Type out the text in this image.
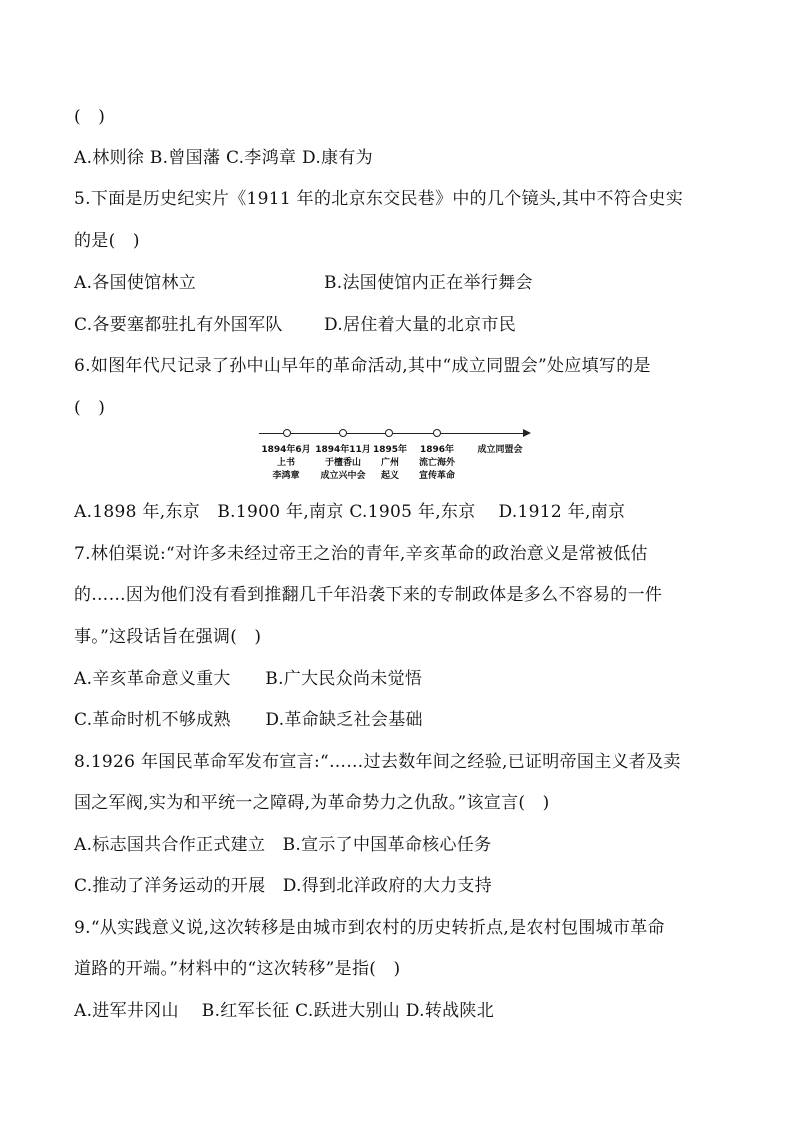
(　)
A.林则徐 B.曾国藩 C.李鸿章 D.康有为
5.下面是历史纪实片《1911 年的北京东交民巷》中的几个镜头,其中不符合史实
的是(　)
A.各国使馆林立	B.法国使馆内正在举行舞会
C.各要塞都驻扎有外国军队 D.居住着大量的北京市民
6.如图年代尺记录了孙中山早年的革命活动,其中“成立同盟会”处应填写的是
(　)
1894年6月
上书
李鸿章
1894年11月
于檀香山
成立兴中会
1895年
广州
起义
1896年
流亡海外
宣传革命
成立同盟会
A.1898 年,东京　B.1900 年,南京 C.1905 年,东京　 D.1912 年,南京
7.林伯渠说:“对许多未经过帝王之治的青年,辛亥革命的政治意义是常被低估
的……因为他们没有看到推翻几千年沿袭下来的专制政体是多么不容易的一件
事。”这段话旨在强调(　)
A.辛亥革命意义重大　　B.广大民众尚未觉悟
C.革命时机不够成熟　　D.革命缺乏社会基础
8.1926 年国民革命军发布宣言:“……过去数年间之经验,已证明帝国主义者及卖
国之军阀,实为和平统一之障碍,为革命势力之仇敌。”该宣言(　)
A.标志国共合作正式建立　B.宣示了中国革命核心任务
C.推动了洋务运动的开展　D.得到北洋政府的大力支持
9.“从实践意义说,这次转移是由城市到农村的历史转折点,是农村包围城市革命
道路的开端。”材料中的“这次转移”是指(　)
A.进军井冈山　 B.红军长征 C.跃进大别山 D.转战陕北
